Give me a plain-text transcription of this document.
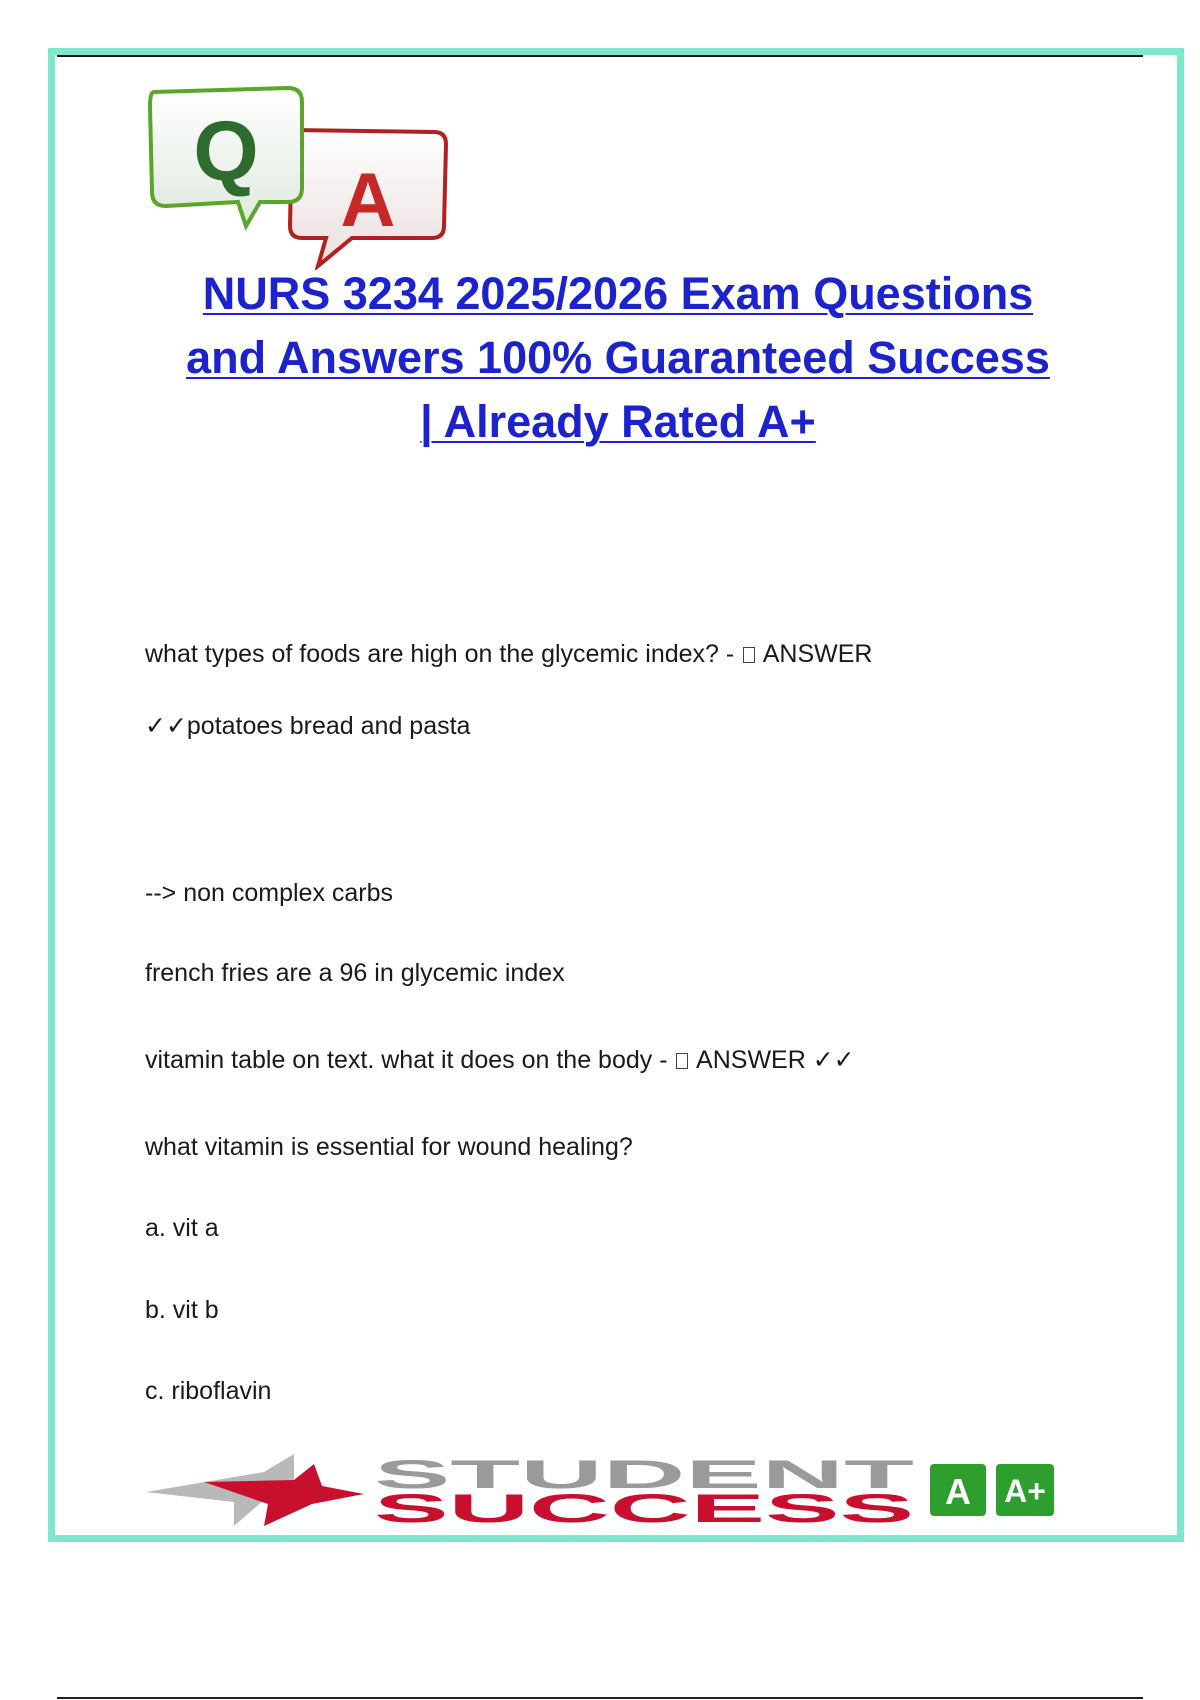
A
Q
NURS 3234 2025/2026 Exam Questions
and Answers 100% Guaranteed Success
| Already Rated A+
what types of foods are high on the glycemic index? -  ANSWER
✓✓potatoes bread and pasta
--> non complex carbs
french fries are a 96 in glycemic index
vitamin table on text. what it does on the body -  ANSWER ✓✓
what vitamin is essential for wound healing?
a. vit a
b. vit b
c. riboflavin
STUDENT
SUCCESS A A+
